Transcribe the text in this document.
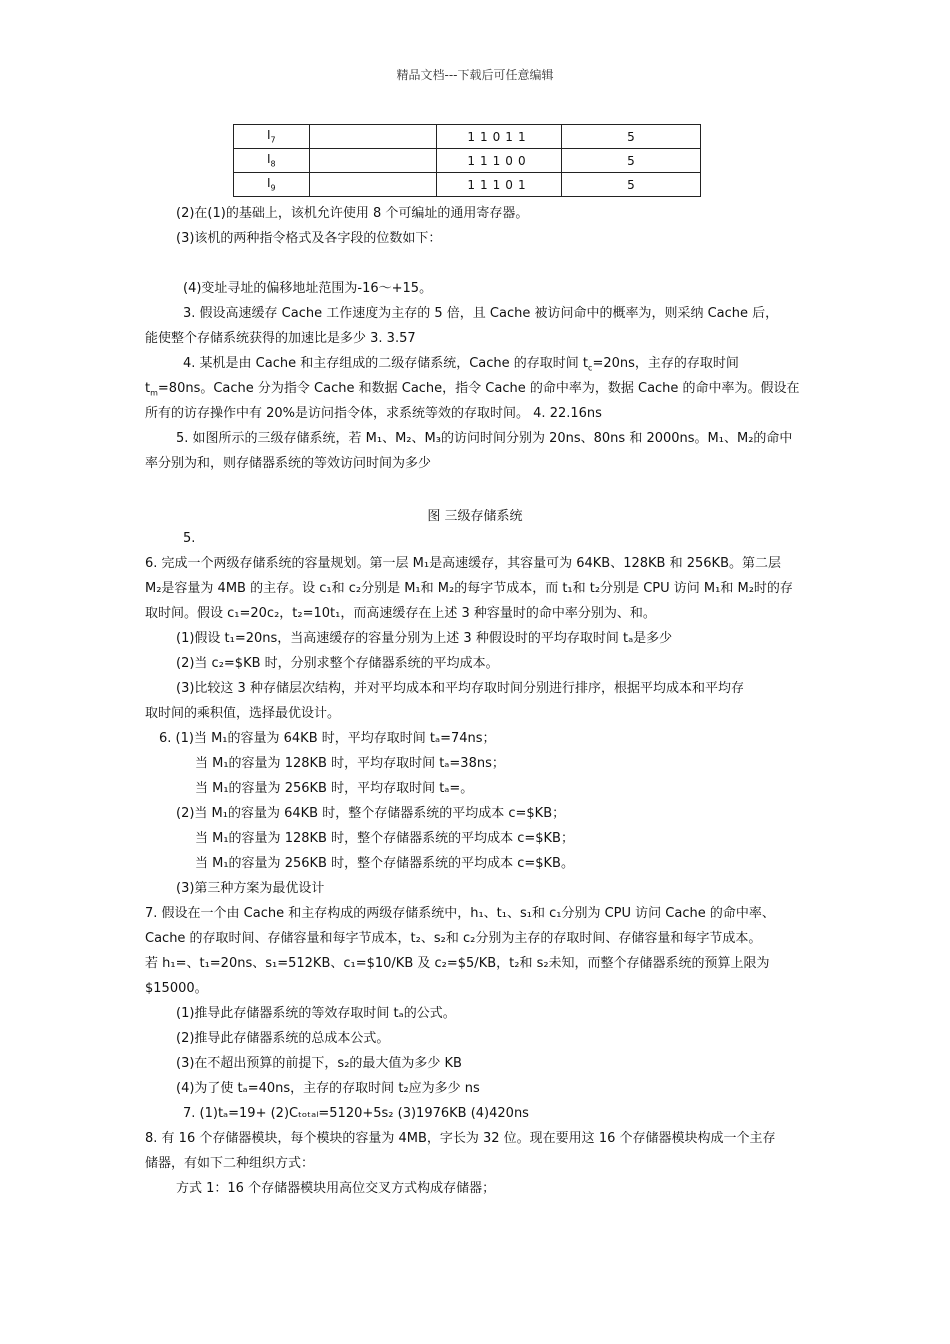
精品文档---下载后可任意编辑
$I_7$		11011	5
$I_8$		11100	5
$I_9$		11101	5
(2)在(1)的基础上，该机允许使用 8 个可编址的通用寄存器。
(3)该机的两种指令格式及各字段的位数如下：
(4)变址寻址的偏移地址范围为-16～+15。
3. 假设高速缓存 Cache 工作速度为主存的 5 倍，且 Cache 被访问命中的概率为，则采纳 Cache 后，
能使整个存储系统获得的加速比是多少 3. 3.57
4. 某机是由 Cache 和主存组成的二级存储系统，Cache 的存取时间 $t_c=20ns$，主存的存取时间
$t_m=80ns$。Cache 分为指令 Cache 和数据 Cache，指令 Cache 的命中率为，数据 Cache 的命中率为。假设在
所有的访存操作中有 20%是访问指令体，求系统等效的存取时间。 4. 22.16ns
5. 如图所示的三级存储系统，若 M₁、M₂、M₃的访问时间分别为 20ns、80ns 和 2000ns。M₁、M₂的命中
率分别为和，则存储器系统的等效访问时间为多少
图 三级存储系统
5.
6. 完成一个两级存储系统的容量规划。第一层 M₁是高速缓存，其容量可为 64KB、128KB 和 256KB。第二层
M₂是容量为 4MB 的主存。设 c₁和 c₂分别是 M₁和 M₂的每字节成本，而 t₁和 t₂分别是 CPU 访问 M₁和 M₂时的存
取时间。假设 c₁=20c₂，t₂=10t₁，而高速缓存在上述 3 种容量时的命中率分别为、和。
(1)假设 t₁=20ns，当高速缓存的容量分别为上述 3 种假设时的平均存取时间 tₐ是多少
(2)当 c₂=$KB 时，分别求整个存储器系统的平均成本。
(3)比较这 3 种存储层次结构，并对平均成本和平均存取时间分别进行排序，根据平均成本和平均存
取时间的乘积值，选择最优设计。
6. (1)当 M₁的容量为 64KB 时，平均存取时间 tₐ=74ns；
当 M₁的容量为 128KB 时，平均存取时间 tₐ=38ns；
当 M₁的容量为 256KB 时，平均存取时间 tₐ=。
(2)当 M₁的容量为 64KB 时，整个存储器系统的平均成本 c=$KB；
当 M₁的容量为 128KB 时，整个存储器系统的平均成本 c=$KB；
当 M₁的容量为 256KB 时，整个存储器系统的平均成本 c=$KB。
(3)第三种方案为最优设计
7. 假设在一个由 Cache 和主存构成的两级存储系统中，h₁、t₁、s₁和 c₁分别为 CPU 访问 Cache 的命中率、
Cache 的存取时间、存储容量和每字节成本，t₂、s₂和 c₂分别为主存的存取时间、存储容量和每字节成本。
若 h₁=、t₁=20ns、s₁=512KB、c₁=$10/KB 及 c₂=$5/KB，t₂和 s₂未知，而整个存储器系统的预算上限为
$15000。
(1)推导此存储器系统的等效存取时间 tₐ的公式。
(2)推导此存储器系统的总成本公式。
(3)在不超出预算的前提下，s₂的最大值为多少 KB
(4)为了使 tₐ=40ns，主存的存取时间 t₂应为多少 ns
7. (1)tₐ=19+ (2)Cₜₒₜₐₗ=5120+5s₂ (3)1976KB (4)420ns
8. 有 16 个存储器模块，每个模块的容量为 4MB，字长为 32 位。现在要用这 16 个存储器模块构成一个主存
储器，有如下二种组织方式：
方式 1：16 个存储器模块用高位交叉方式构成存储器；
